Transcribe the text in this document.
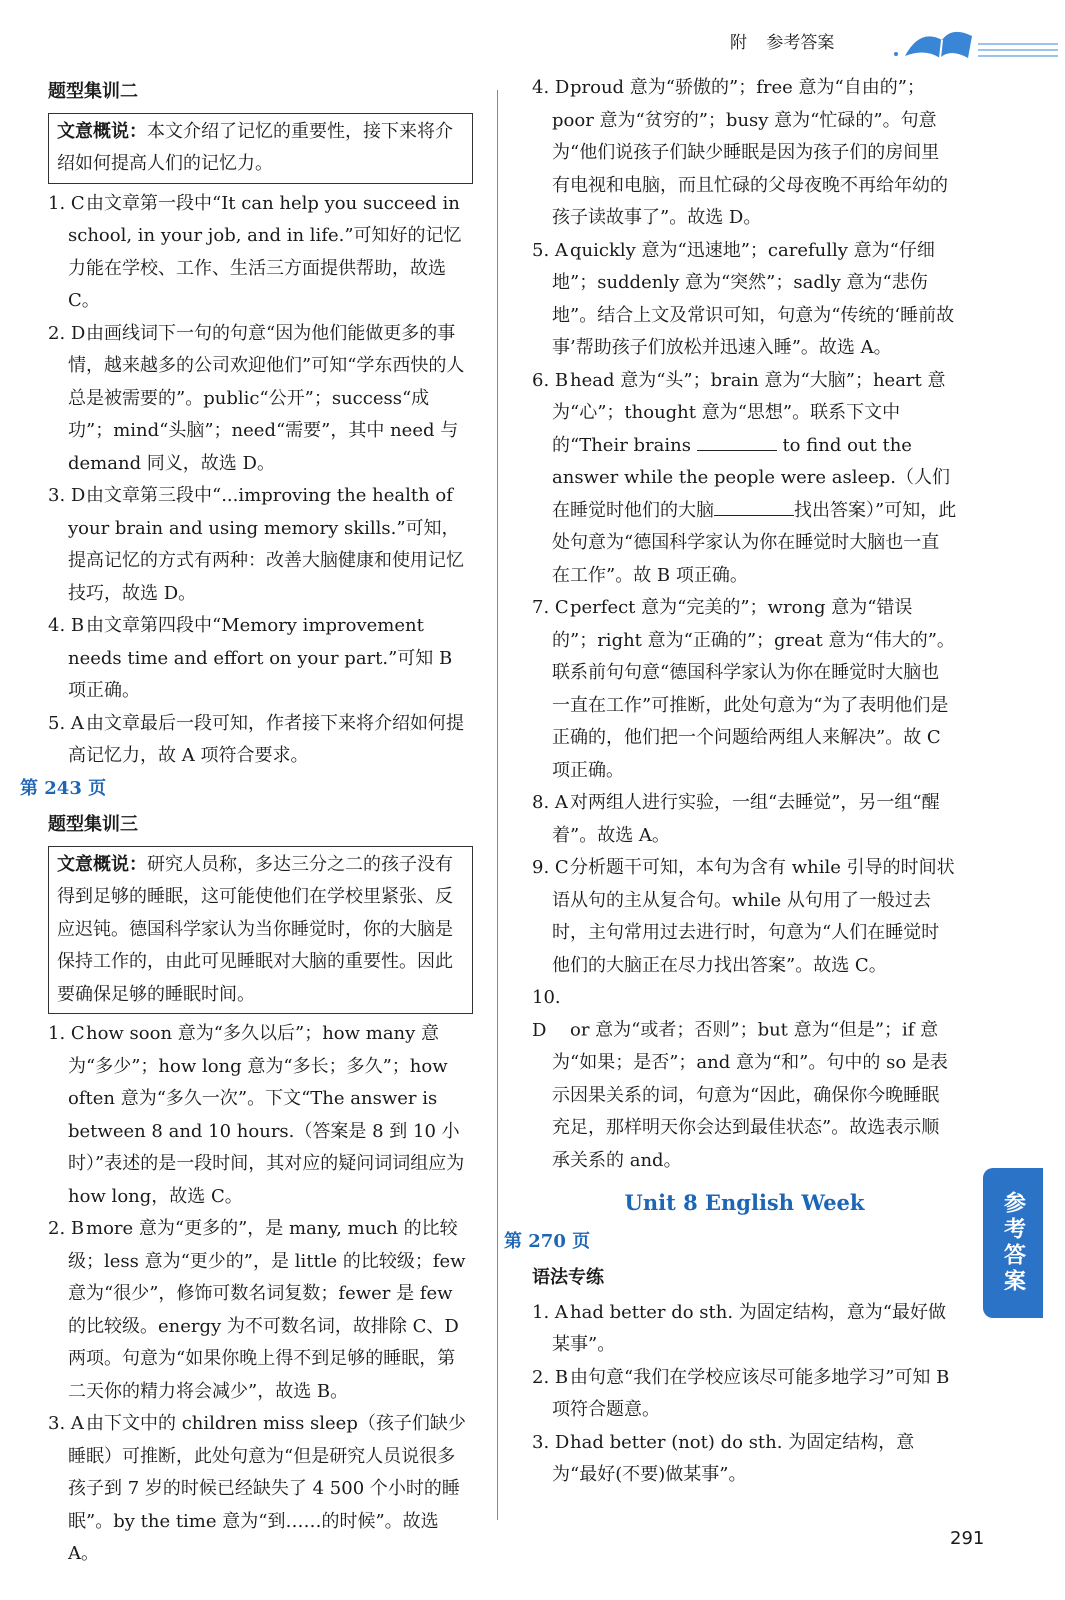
附 参考答案
题型集训二
文意概说：本文介绍了记忆的重要性，接下来将介绍如何提高人们的记忆力。

1. C由文章第一段中“It can help you succeed in school, in your job, and in life.”可知好的记忆力能在学校、工作、生活三方面提供帮助，故选 C。

2. D由画线词下一句的句意“因为他们能做更多的事情，越来越多的公司欢迎他们”可知“学东西快的人总是被需要的”。public“公开”；success“成功”；mind“头脑”；need“需要”，其中 need 与 demand 同义，故选 D。

3. D由文章第三段中“...improving the health of your brain and using memory skills.”可知，提高记忆的方式有两种：改善大脑健康和使用记忆技巧，故选 D。

4. B 由文章第四段中“Memory improvement needs time and effort on your part.”可知 B 项正确。

5. A 由文章最后一段可知，作者接下来将介绍如何提高记忆力，故 A 项符合要求。

第 243 页
题型集训三
文意概说：研究人员称，多达三分之二的孩子没有得到足够的睡眠，这可能使他们在学校里紧张、反应迟钝。德国科学家认为当你睡觉时，你的大脑是保持工作的，由此可见睡眠对大脑的重要性。因此要确保足够的睡眠时间。

1. Chow soon 意为“多久以后”；how many 意为“多少”；how long 意为“多长；多久”；how often 意为“多久一次”。下文“The answer is between 8 and 10 hours.（答案是 8 到 10 小时）”表述的是一段时间，其对应的疑问词词组应为 how long，故选 C。

2. B more 意为“更多的”，是 many, much 的比较级；less 意为“更少的”，是 little 的比较级；few 意为“很少”，修饰可数名词复数；fewer 是 few 的比较级。energy 为不可数名词，故排除 C、D 两项。句意为“如果你晚上得不到足够的睡眠，第二天你的精力将会减少”，故选 B。

3. A 由下文中的 children miss sleep（孩子们缺少睡眠）可推断，此处句意为“但是研究人员说很多孩子到 7 岁的时候已经缺失了 4 500 个小时的睡眠”。by the time 意为“到……的时候”。故选 A。

4. Dproud 意为“骄傲的”；free 意为“自由的”；poor 意为“贫穷的”；busy 意为“忙碌的”。句意为“他们说孩子们缺少睡眠是因为孩子们的房间里有电视和电脑，而且忙碌的父母夜晚不再给年幼的孩子读故事了”。故选 D。

5. A quickly 意为“迅速地”；carefully 意为“仔细地”；suddenly 意为“突然”；sadly 意为“悲伤地”。结合上文及常识可知，句意为“传统的‘睡前故事’帮助孩子们放松并迅速入睡”。故选 A。

6. B head 意为“头”；brain 意为“大脑”；heart 意为“心”；thought 意为“思想”。联系下文中的“Their brains	to find out the answer while the people were asleep.（人们在睡觉时他们的大脑	找出答案）”可知，此处句意为“德国科学家认为你在睡觉时大脑也一直在工作”。故 B 项正确。

7. Cperfect 意为“完美的”；wrong 意为“错误的”；right 意为“正确的”；great 意为“伟大的”。联系前句句意“德国科学家认为你在睡觉时大脑也一直在工作”可推断，此处句意为“为了表明他们是正确的，他们把一个问题给两组人来解决”。故 C 项正确。

8. A 对两组人进行实验，一组“去睡觉”，另一组“醒着”。故选 A。

9. C分析题干可知，本句为含有 while 引导的时间状语从句的主从复合句。while 从句用了一般过去时，主句常用过去进行时，句意为“人们在睡觉时他们的大脑正在尽力找出答案”。故选 C。

10. D or 意为“或者；否则”；but 意为“但是”；if 意为“如果；是否”；and 意为“和”。句中的 so 是表示因果关系的词，句意为“因此，确保你今晚睡眠充足，那样明天你会达到最佳状态”。故选表示顺承关系的 and。

Unit 8 English Week
第 270 页
语法专练

1. A had better do sth. 为固定结构，意为“最好做某事”。

2. B 由句意“我们在学校应该尽可能多地学习”可知 B 项符合题意。

3. Dhad better (not) do sth. 为固定结构，意为“最好(不要)做某事”。

参考答案
291
